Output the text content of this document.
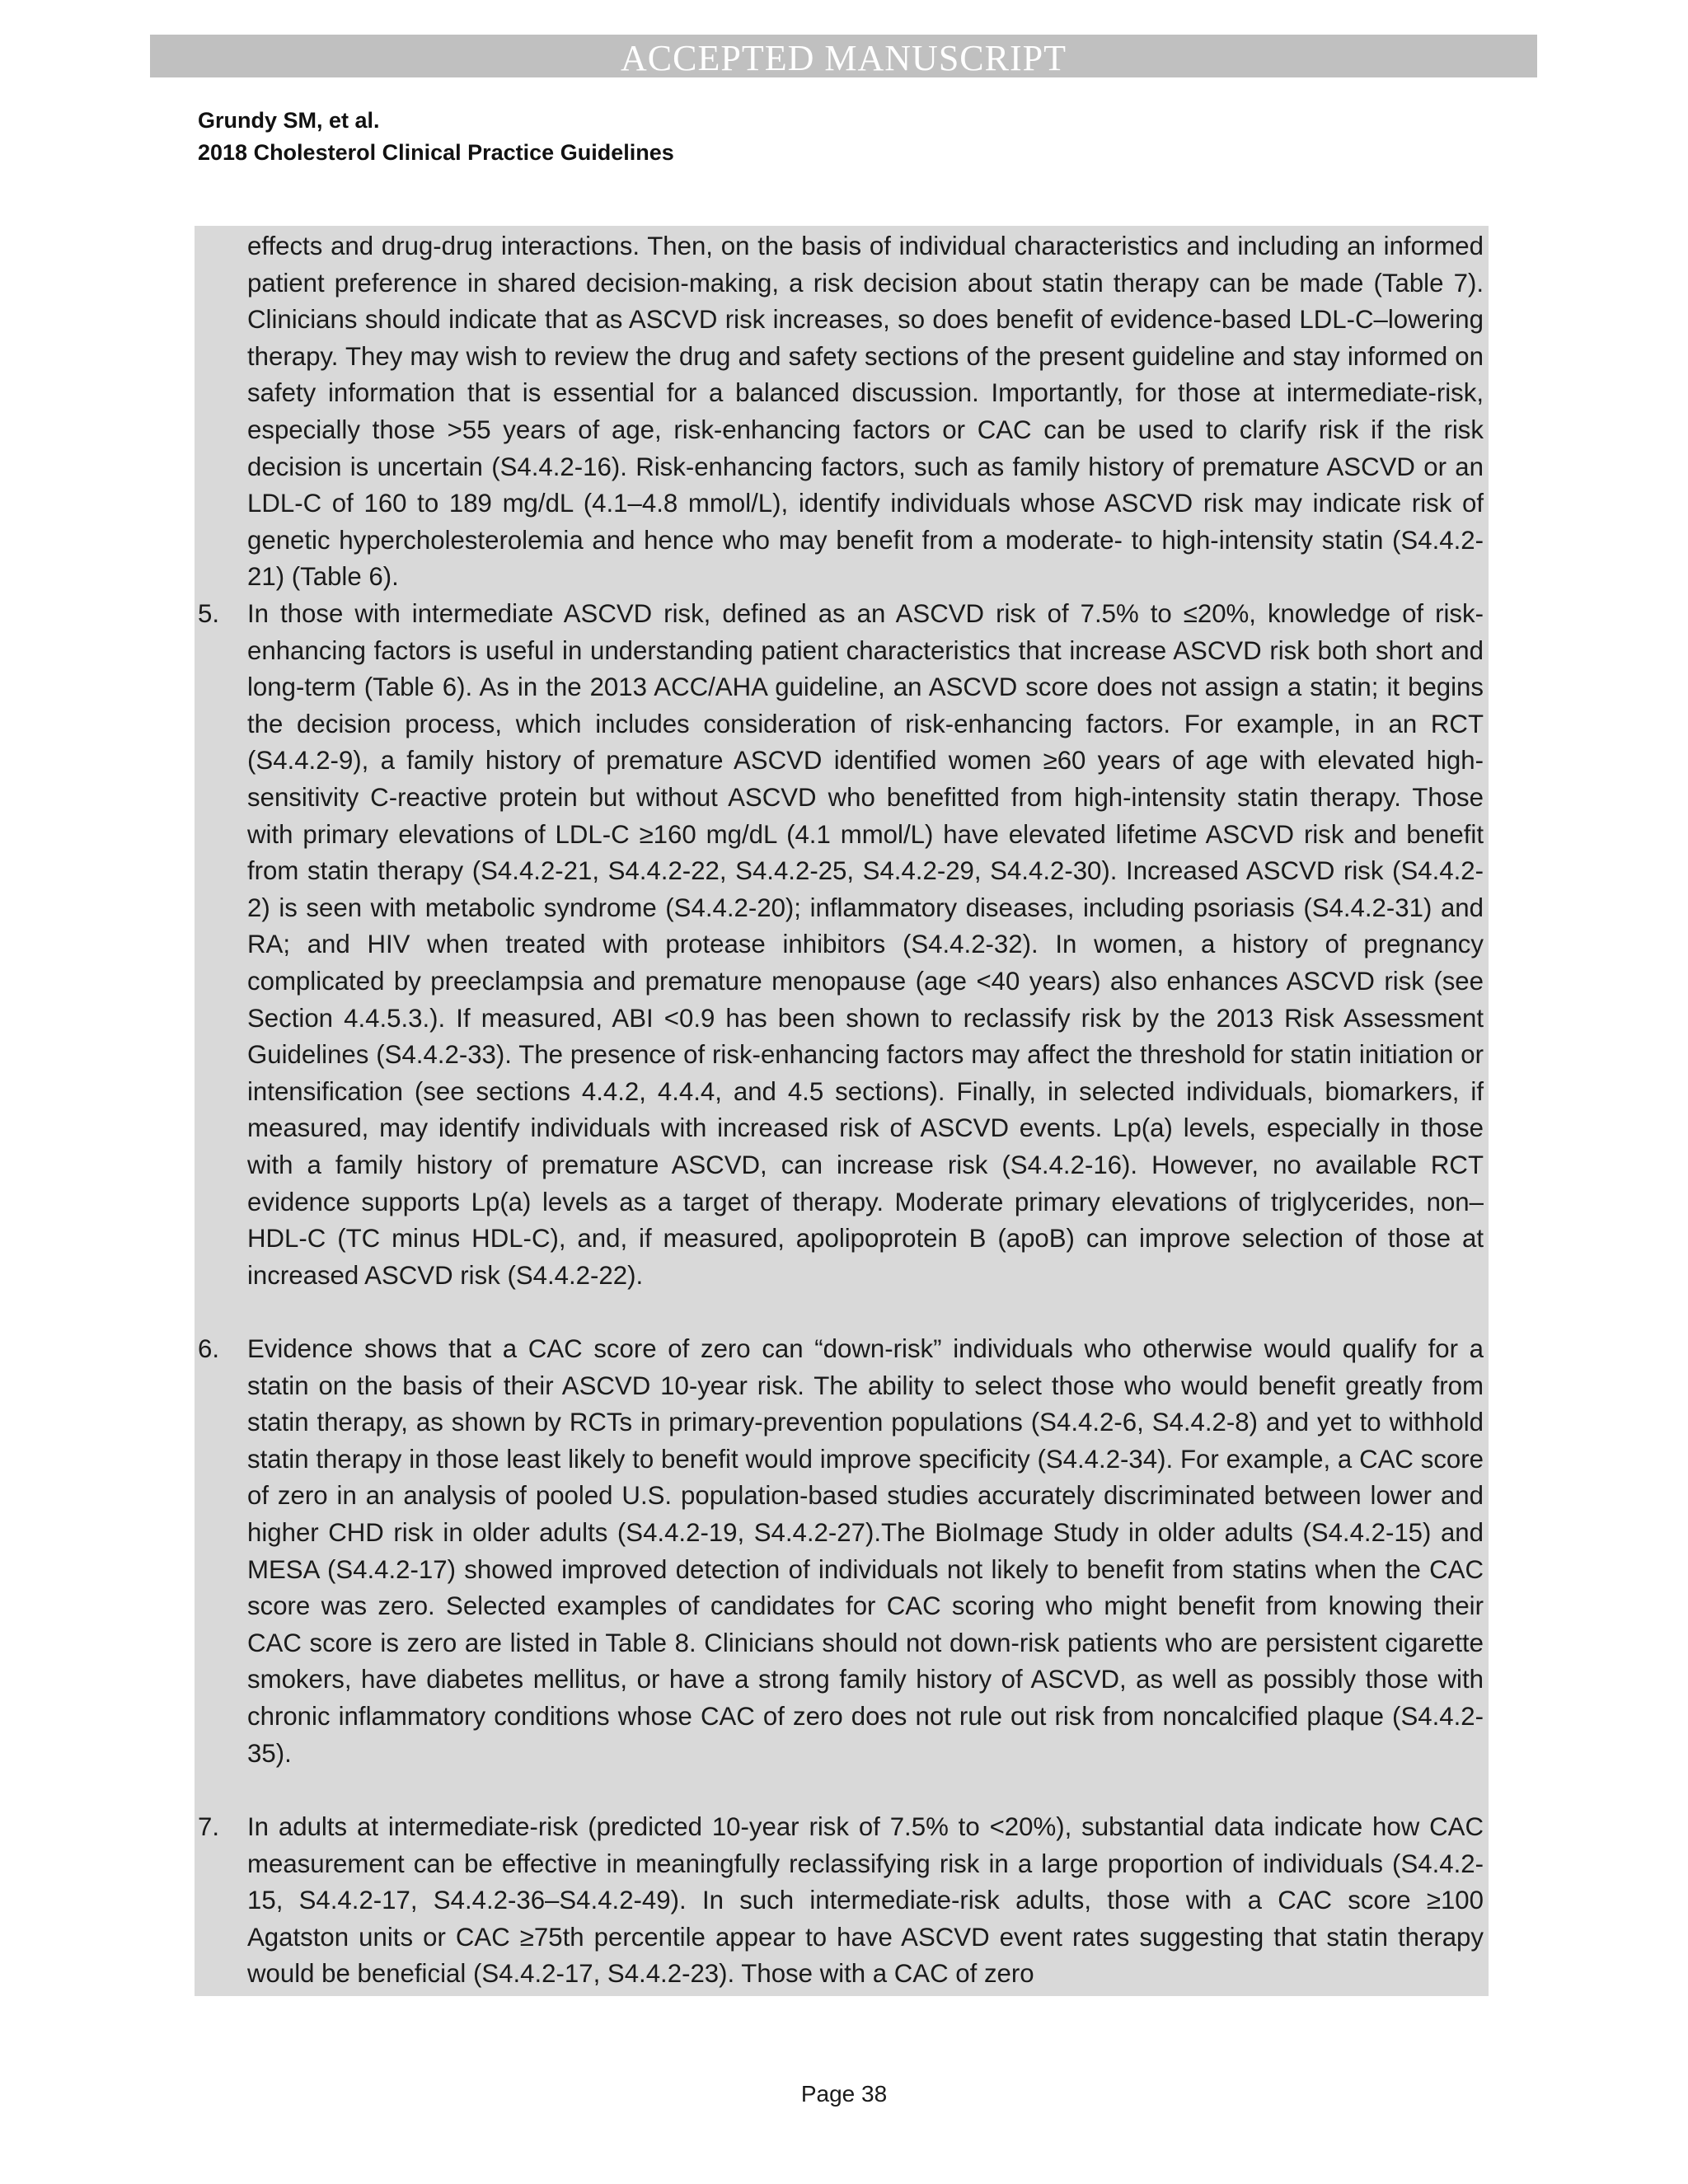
ACCEPTED MANUSCRIPT
Grundy SM, et al.
2018 Cholesterol Clinical Practice Guidelines
effects and drug-drug interactions. Then, on the basis of individual characteristics and including an informed patient preference in shared decision-making, a risk decision about statin therapy can be made (Table 7). Clinicians should indicate that as ASCVD risk increases, so does benefit of evidence-based LDL-C–lowering therapy. They may wish to review the drug and safety sections of the present guideline and stay informed on safety information that is essential for a balanced discussion. Importantly, for those at intermediate-risk, especially those >55 years of age, risk-enhancing factors or CAC can be used to clarify risk if the risk decision is uncertain (S4.4.2-16). Risk-enhancing factors, such as family history of premature ASCVD or an LDL-C of 160 to 189 mg/dL (4.1–4.8 mmol/L), identify individuals whose ASCVD risk may indicate risk of genetic hypercholesterolemia and hence who may benefit from a moderate- to high-intensity statin (S4.4.2-21) (Table 6).
5. In those with intermediate ASCVD risk, defined as an ASCVD risk of 7.5% to ≤20%, knowledge of risk-enhancing factors is useful in understanding patient characteristics that increase ASCVD risk both short and long-term (Table 6). As in the 2013 ACC/AHA guideline, an ASCVD score does not assign a statin; it begins the decision process, which includes consideration of risk-enhancing factors. For example, in an RCT (S4.4.2-9), a family history of premature ASCVD identified women ≥60 years of age with elevated high-sensitivity C-reactive protein but without ASCVD who benefitted from high-intensity statin therapy. Those with primary elevations of LDL-C ≥160 mg/dL (4.1 mmol/L) have elevated lifetime ASCVD risk and benefit from statin therapy (S4.4.2-21, S4.4.2-22, S4.4.2-25, S4.4.2-29, S4.4.2-30). Increased ASCVD risk (S4.4.2-2) is seen with metabolic syndrome (S4.4.2-20); inflammatory diseases, including psoriasis (S4.4.2-31) and RA; and HIV when treated with protease inhibitors (S4.4.2-32). In women, a history of pregnancy complicated by preeclampsia and premature menopause (age <40 years) also enhances ASCVD risk (see Section 4.4.5.3.). If measured, ABI <0.9 has been shown to reclassify risk by the 2013 Risk Assessment Guidelines (S4.4.2-33). The presence of risk-enhancing factors may affect the threshold for statin initiation or intensification (see sections 4.4.2, 4.4.4, and 4.5 sections). Finally, in selected individuals, biomarkers, if measured, may identify individuals with increased risk of ASCVD events. Lp(a) levels, especially in those with a family history of premature ASCVD, can increase risk (S4.4.2-16). However, no available RCT evidence supports Lp(a) levels as a target of therapy. Moderate primary elevations of triglycerides, non–HDL-C (TC minus HDL-C), and, if measured, apolipoprotein B (apoB) can improve selection of those at increased ASCVD risk (S4.4.2-22).
6. Evidence shows that a CAC score of zero can “down-risk” individuals who otherwise would qualify for a statin on the basis of their ASCVD 10-year risk. The ability to select those who would benefit greatly from statin therapy, as shown by RCTs in primary-prevention populations (S4.4.2-6, S4.4.2-8) and yet to withhold statin therapy in those least likely to benefit would improve specificity (S4.4.2-34). For example, a CAC score of zero in an analysis of pooled U.S. population-based studies accurately discriminated between lower and higher CHD risk in older adults (S4.4.2-19, S4.4.2-27).The BioImage Study in older adults (S4.4.2-15) and MESA (S4.4.2-17) showed improved detection of individuals not likely to benefit from statins when the CAC score was zero. Selected examples of candidates for CAC scoring who might benefit from knowing their CAC score is zero are listed in Table 8. Clinicians should not down-risk patients who are persistent cigarette smokers, have diabetes mellitus, or have a strong family history of ASCVD, as well as possibly those with chronic inflammatory conditions whose CAC of zero does not rule out risk from noncalcified plaque (S4.4.2-35).
7. In adults at intermediate-risk (predicted 10-year risk of 7.5% to <20%), substantial data indicate how CAC measurement can be effective in meaningfully reclassifying risk in a large proportion of individuals (S4.4.2-15, S4.4.2-17, S4.4.2-36–S4.4.2-49). In such intermediate-risk adults, those with a CAC score ≥100 Agatston units or CAC ≥75th percentile appear to have ASCVD event rates suggesting that statin therapy would be beneficial (S4.4.2-17, S4.4.2-23). Those with a CAC of zero
Page 38
